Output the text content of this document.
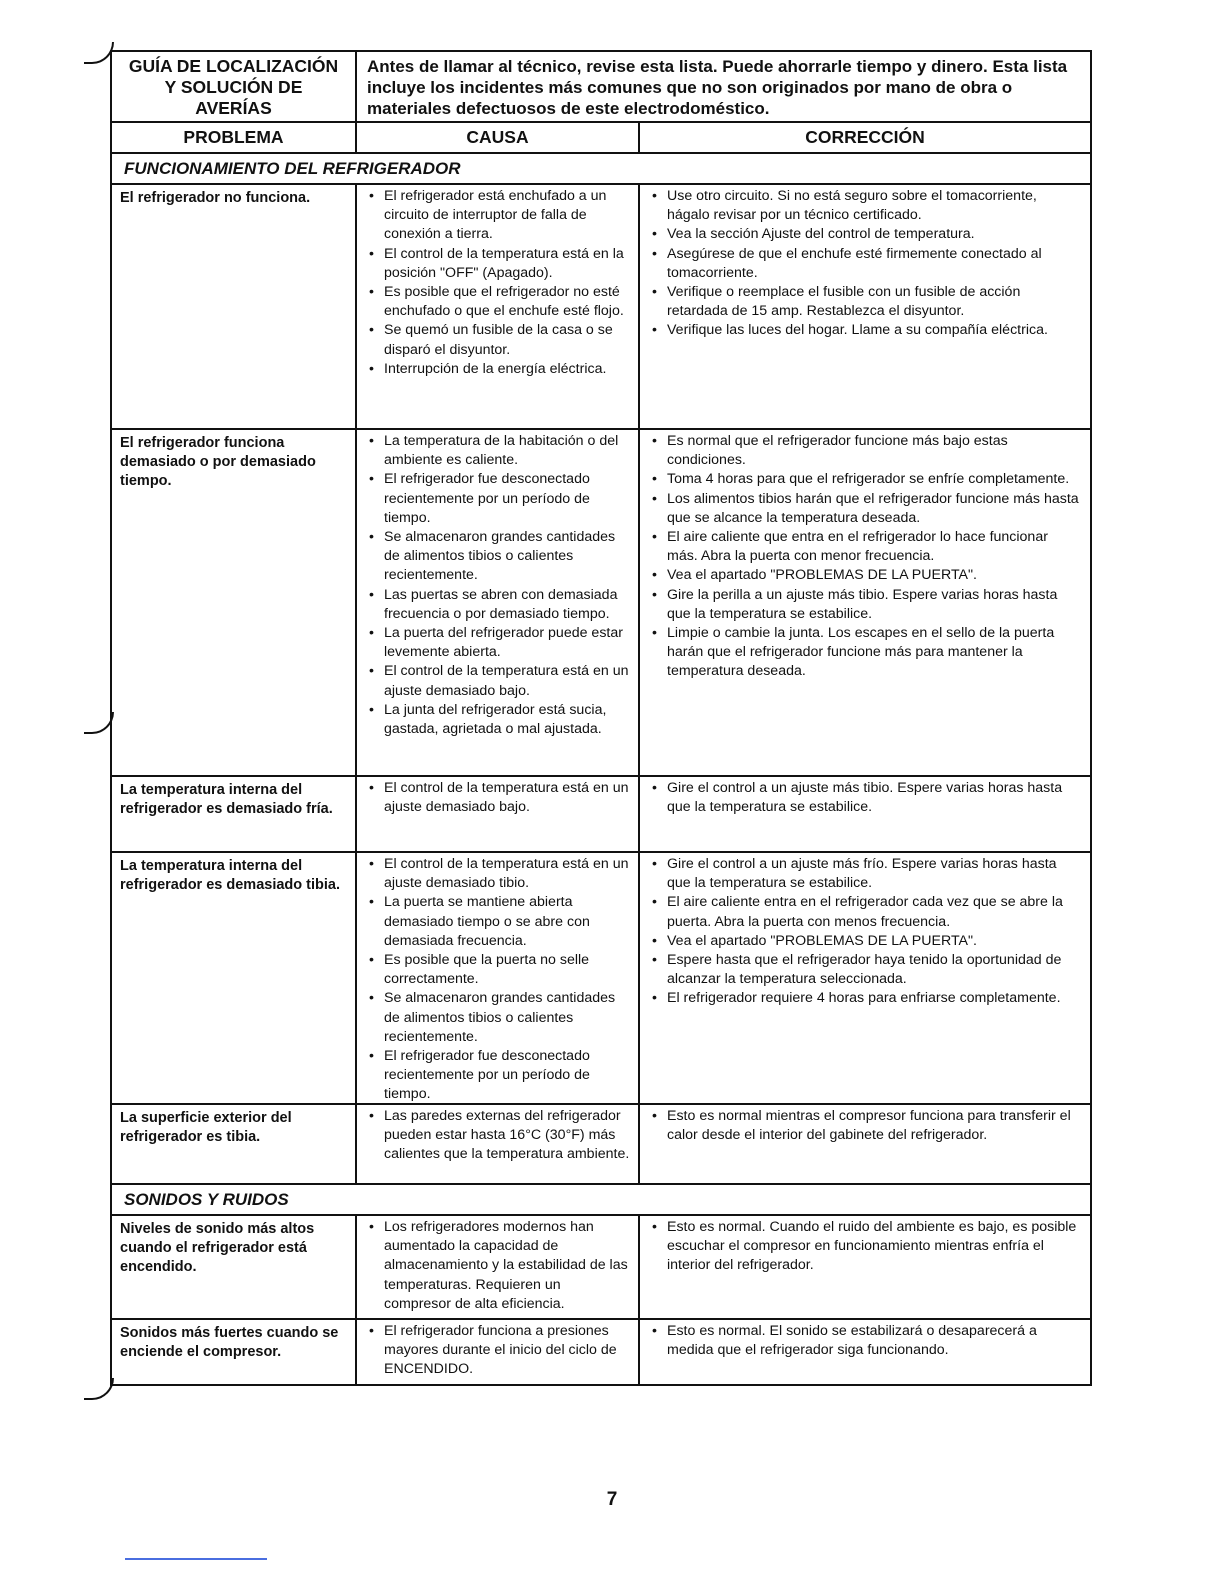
GUÍA DE LOCALIZACIÓN
Y SOLUCIÓN DE
AVERÍAS
Antes de llamar al técnico, revise esta lista. Puede ahorrarle tiempo y dinero. Esta lista incluye los incidentes más comunes que no son originados por mano de obra o materiales defectuosos de este electrodoméstico.
PROBLEMA	CAUSA	CORRECCIÓN
FUNCIONAMIENTO DEL REFRIGERADOR
El refrigerador no funciona.
•	El refrigerador está enchufado a un circuito de interruptor de falla de conexión a tierra.
• El control de la temperatura está en la posición "OFF" (Apagado).
• Es posible que el refrigerador no esté enchufado o que el enchufe esté flojo.
• Se quemó un fusible de la casa o se disparó el disyuntor.
• Interrupción de la energía eléctrica.
• Use otro circuito. Si no está seguro sobre el tomacorriente, hágalo revisar por un técnico certificado.
• Vea la sección Ajuste del control de temperatura.
• Asegúrese de que el enchufe esté firmemente conectado al tomacorriente.
• Verifique o reemplace el fusible con un fusible de acción retardada de 15 amp. Restablezca el disyuntor.
• Verifique las luces del hogar. Llame a su compañía eléctrica.
El refrigerador funciona demasiado o por demasiado tiempo.
• La temperatura de la habitación o del ambiente es caliente.
• El refrigerador fue desconectado recientemente por un período de tiempo.
• Se almacenaron grandes cantidades de alimentos tibios o calientes recientemente.
• Las puertas se abren con demasiada frecuencia o por demasiado tiempo.
• La puerta del refrigerador puede estar levemente abierta.
• El control de la temperatura está en un ajuste demasiado bajo.
• La junta del refrigerador está sucia, gastada, agrietada o mal ajustada.
• Es normal que el refrigerador funcione más bajo estas condiciones.
• Toma 4 horas para que el refrigerador se enfríe completamente.
• Los alimentos tibios harán que el refrigerador funcione más hasta que se alcance la temperatura deseada.
• El aire caliente que entra en el refrigerador lo hace funcionar más. Abra la puerta con menor frecuencia.
• Vea el apartado "PROBLEMAS DE LA PUERTA".
• Gire la perilla a un ajuste más tibio. Espere varias horas hasta que la temperatura se estabilice.
• Limpie o cambie la junta. Los escapes en el sello de la puerta harán que el refrigerador funcione más para mantener la temperatura deseada.
La temperatura interna del refrigerador es demasiado fría.
• El control de la temperatura está en un ajuste demasiado bajo.
• Gire el control a un ajuste más tibio. Espere varias horas hasta que la temperatura se estabilice.
La temperatura interna del refrigerador es demasiado tibia.
• El control de la temperatura está en un ajuste demasiado tibio.
• La puerta se mantiene abierta demasiado tiempo o se abre con demasiada frecuencia.
• Es posible que la puerta no selle correctamente.
• Se almacenaron grandes cantidades de alimentos tibios o calientes recientemente.
• El refrigerador fue desconectado recientemente por un período de tiempo.
• Gire el control a un ajuste más frío. Espere varias horas hasta que la temperatura se estabilice.
• El aire caliente entra en el refrigerador cada vez que se abre la puerta. Abra la puerta con menos frecuencia.
• Vea el apartado "PROBLEMAS DE LA PUERTA".
• Espere hasta que el refrigerador haya tenido la oportunidad de alcanzar la temperatura seleccionada.
• El refrigerador requiere 4 horas para enfriarse completamente.
La superficie exterior del refrigerador es tibia.
• Las paredes externas del refrigerador pueden estar hasta 16°C (30°F) más calientes que la temperatura ambiente.
• Esto es normal mientras el compresor funciona para transferir el calor desde el interior del gabinete del refrigerador.
SONIDOS Y RUIDOS
Niveles de sonido más altos cuando el refrigerador está encendido.
• Los refrigeradores modernos han aumentado la capacidad de almacenamiento y la estabilidad de las temperaturas. Requieren un compresor de alta eficiencia.
• Esto es normal. Cuando el ruido del ambiente es bajo, es posible escuchar el compresor en funcionamiento mientras enfría el interior del refrigerador.
Sonidos más fuertes cuando se enciende el compresor.
• El refrigerador funciona a presiones mayores durante el inicio del ciclo de ENCENDIDO.
• Esto es normal. El sonido se estabilizará o desaparecerá a medida que el refrigerador siga funcionando.
7
